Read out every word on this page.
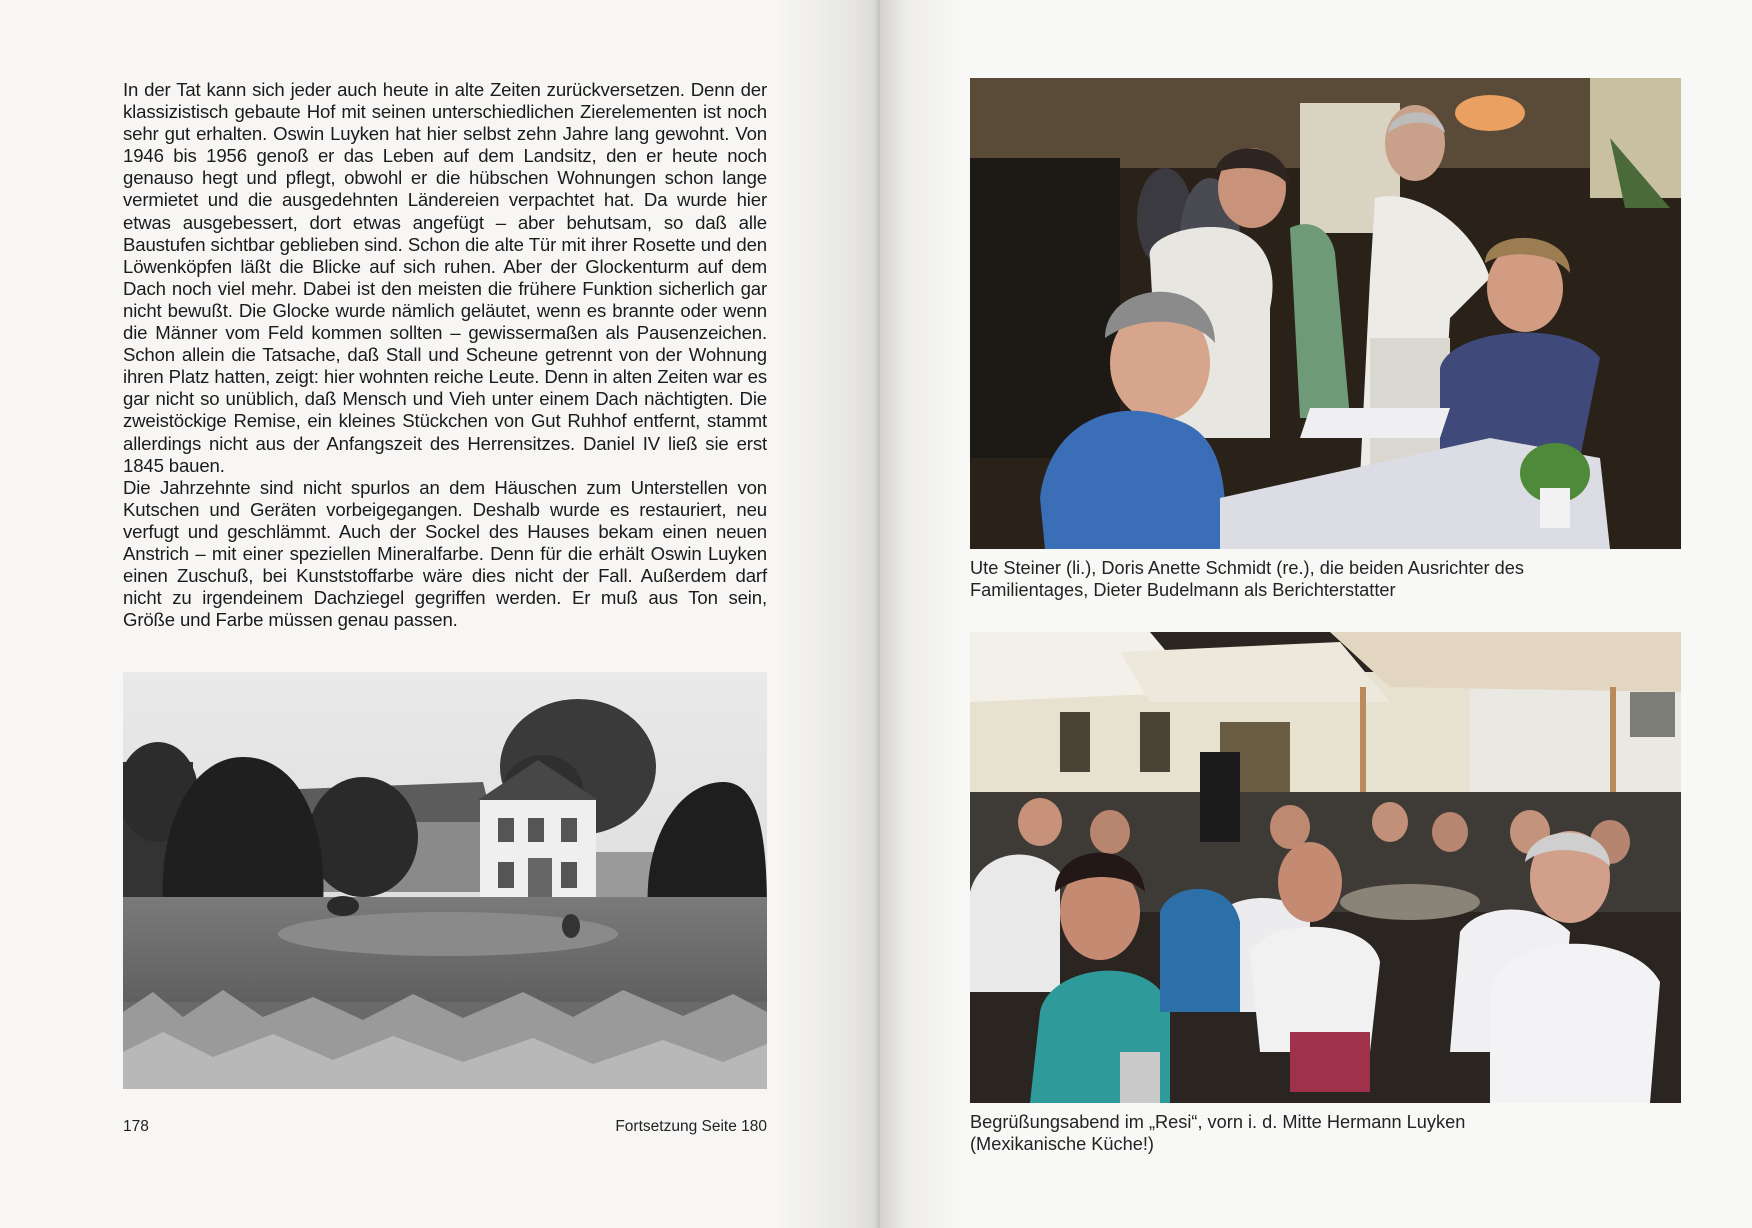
In der Tat kann sich jeder auch heute in alte Zeiten zurückversetzen. Denn der klassizistisch gebaute Hof mit seinen unterschiedlichen Zierelementen ist noch sehr gut erhalten. Oswin Luyken hat hier selbst zehn Jahre lang gewohnt. Von 1946 bis 1956 genoß er das Leben auf dem Landsitz, den er heute noch genauso hegt und pflegt, obwohl er die hübschen Wohnungen schon lange vermietet und die ausgedehnten Ländereien verpachtet hat. Da wurde hier etwas ausgebessert, dort etwas angefügt – aber behutsam, so daß alle Baustufen sichtbar geblieben sind. Schon die alte Tür mit ihrer Rosette und den Löwenköpfen läßt die Blicke auf sich ruhen. Aber der Glockenturm auf dem Dach noch viel mehr. Dabei ist den meisten die frühere Funktion sicherlich gar nicht bewußt. Die Glocke wurde nämlich geläutet, wenn es brannte oder wenn die Männer vom Feld kommen sollten – gewissermaßen als Pausenzeichen. Schon allein die Tatsache, daß Stall und Scheune getrennt von der Wohnung ihren Platz hatten, zeigt: hier wohnten reiche Leute. Denn in alten Zeiten war es gar nicht so unüblich, daß Mensch und Vieh unter einem Dach nächtigten. Die zweistöckige Remise, ein kleines Stückchen von Gut Ruhhof entfernt, stammt allerdings nicht aus der Anfangszeit des Herrensitzes. Daniel IV ließ sie erst 1845 bauen.

Die Jahrzehnte sind nicht spurlos an dem Häuschen zum Unterstellen von Kutschen und Geräten vorbeigegangen. Deshalb wurde es restauriert, neu verfugt und geschlämmt. Auch der Sockel des Hauses bekam einen neuen Anstrich – mit einer speziellen Mineralfarbe. Denn für die erhält Oswin Luyken einen Zuschuß, bei Kunststoffarbe wäre dies nicht der Fall. Außerdem darf nicht zu irgendeinem Dachziegel gegriffen werden. Er muß aus Ton sein, Größe und Farbe müssen genau passen.

178	Fortsetzung Seite 180

Ute Steiner (li.), Doris Anette Schmidt (re.), die beiden Ausrichter des

Familientages, Dieter Budelmann als Berichterstatter

Begrüßungsabend im „Resi“, vorn i. d. Mitte Hermann Luyken

(Mexikanische Küche!)
